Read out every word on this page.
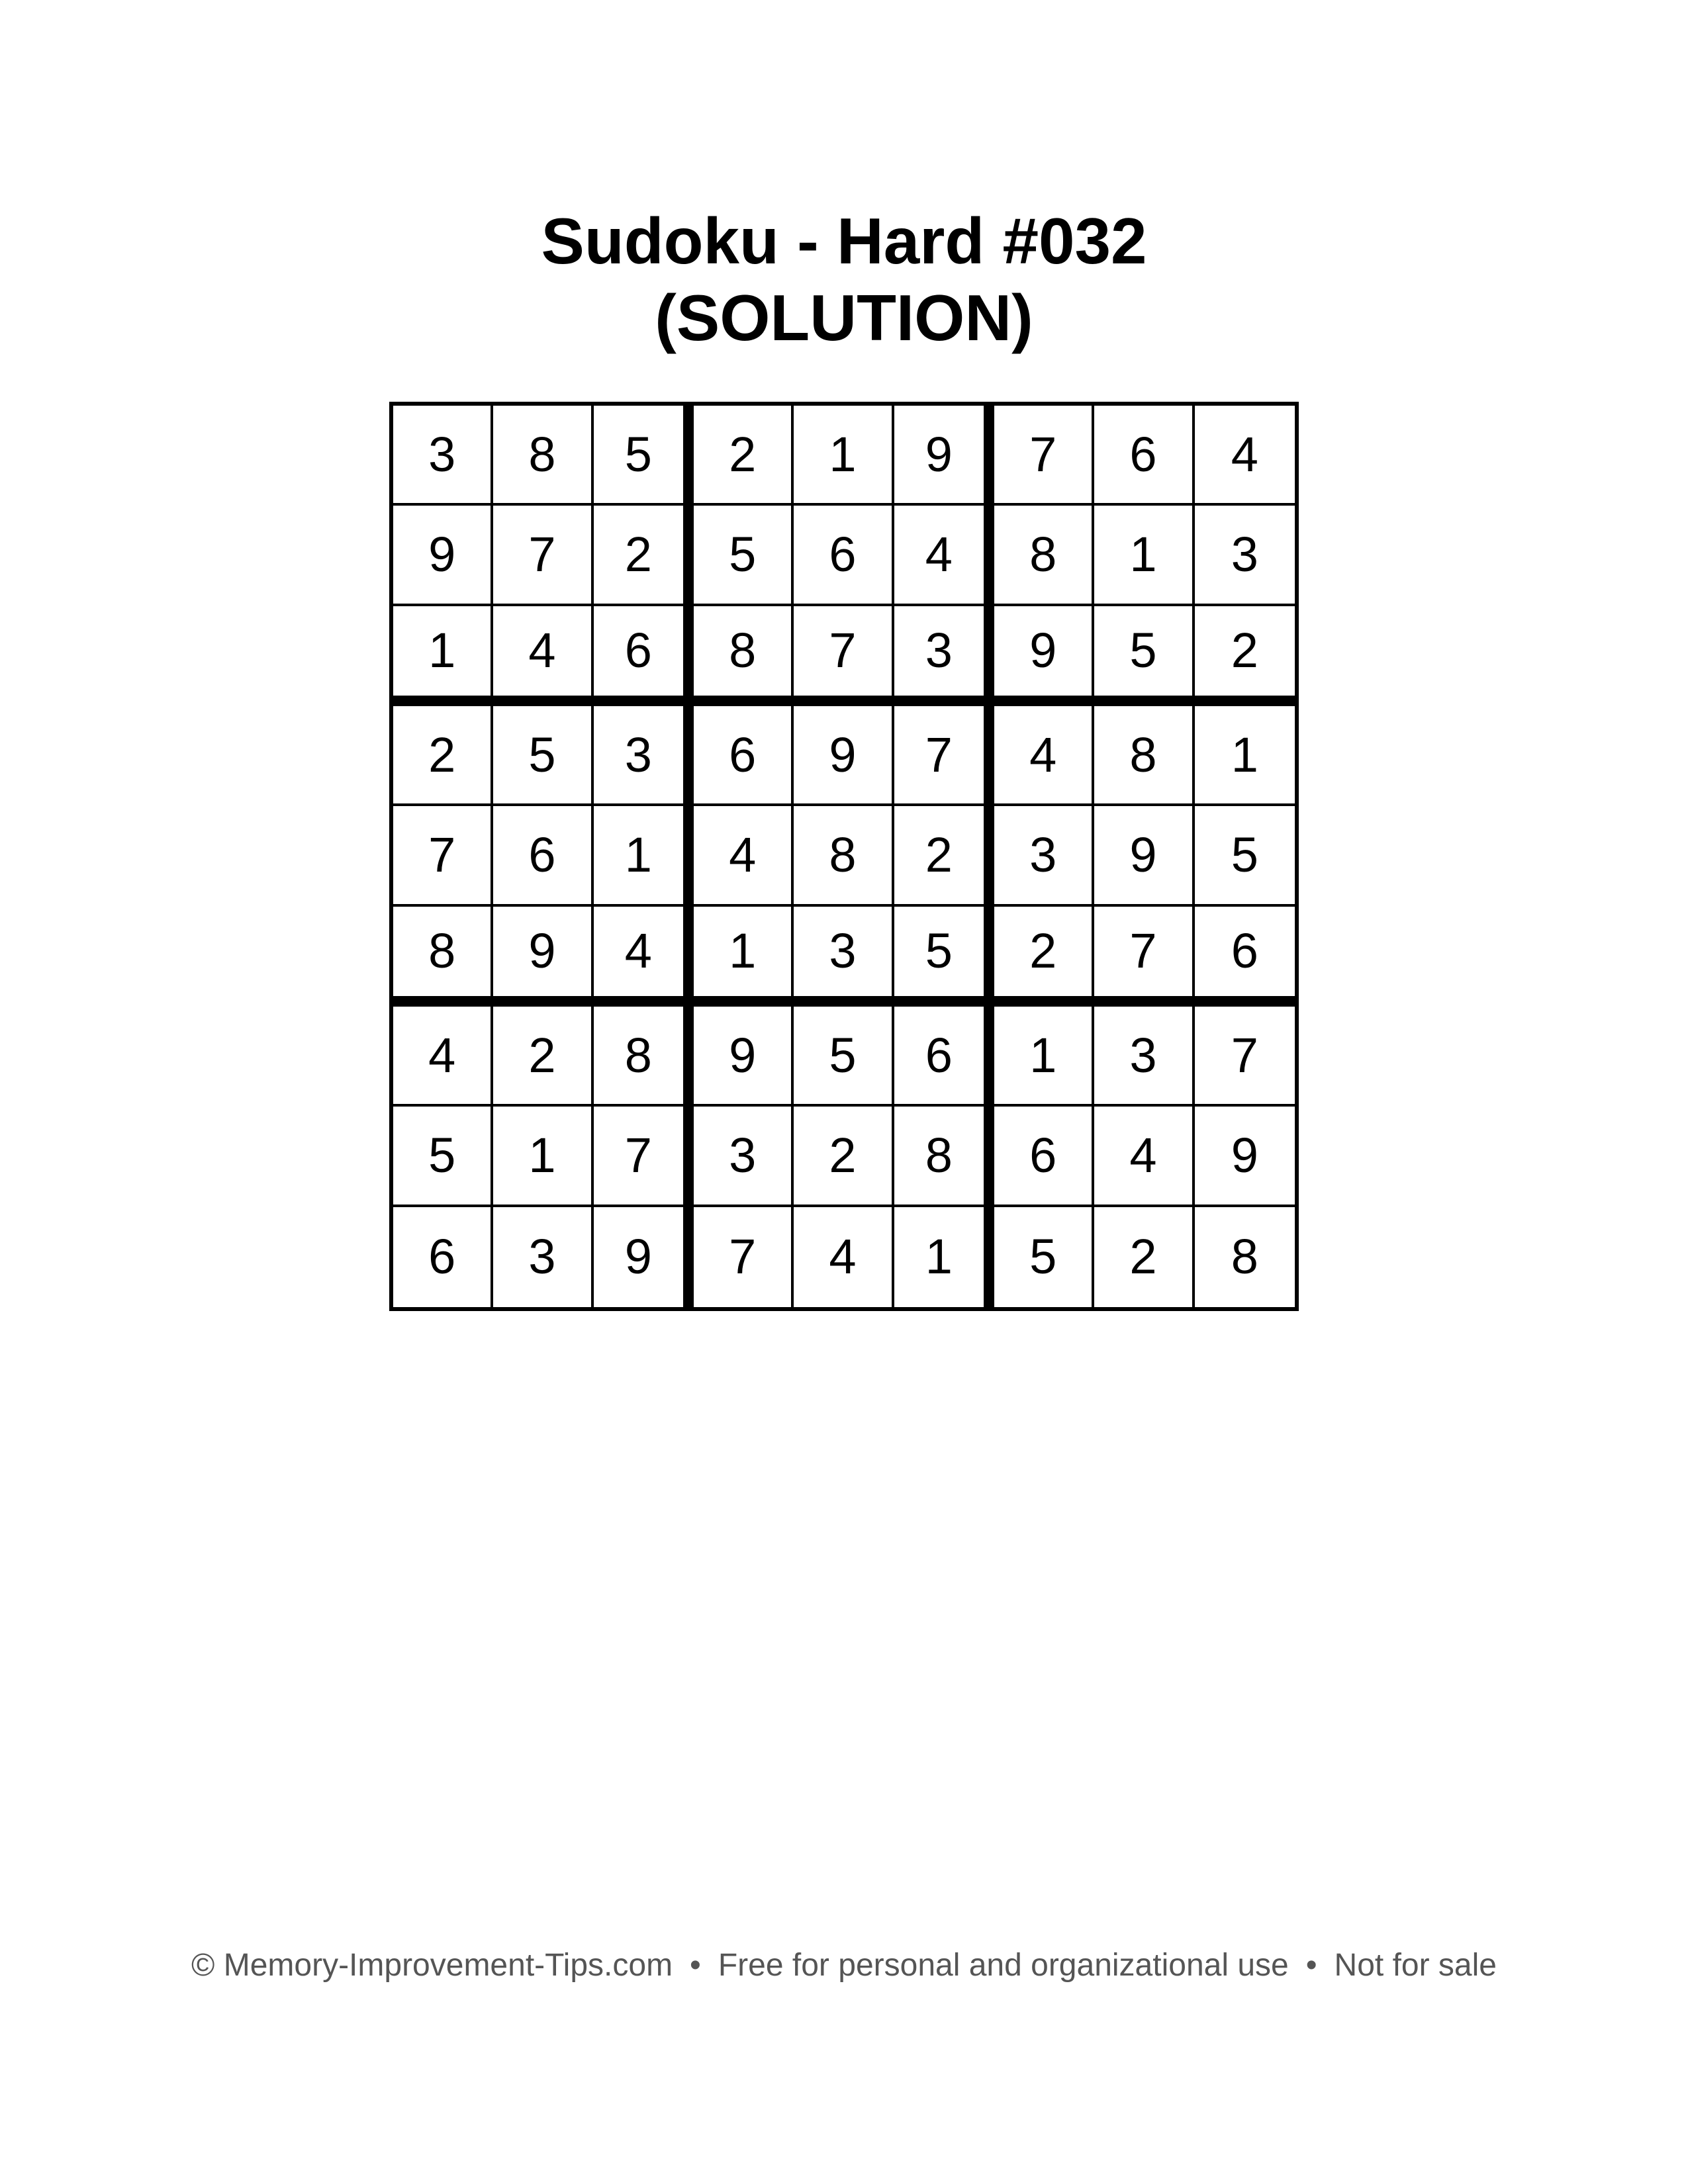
Sudoku - Hard #032
(SOLUTION)
3	8	5	2	1	9	7	6	4
9	7	2	5	6	4	8	1	3
1	4	6	8	7	3	9	5	2
2	5	3	6	9	7	4	8	1
7	6	1	4	8	2	3	9	5
8	9	4	1	3	5	2	7	6
4	2	8	9	5	6	1	3	7
5	1	7	3	2	8	6	4	9
6	3	9	7	4	1	5	2	8
© Memory-Improvement-Tips.com • Free for personal and organizational use • Not for sale
